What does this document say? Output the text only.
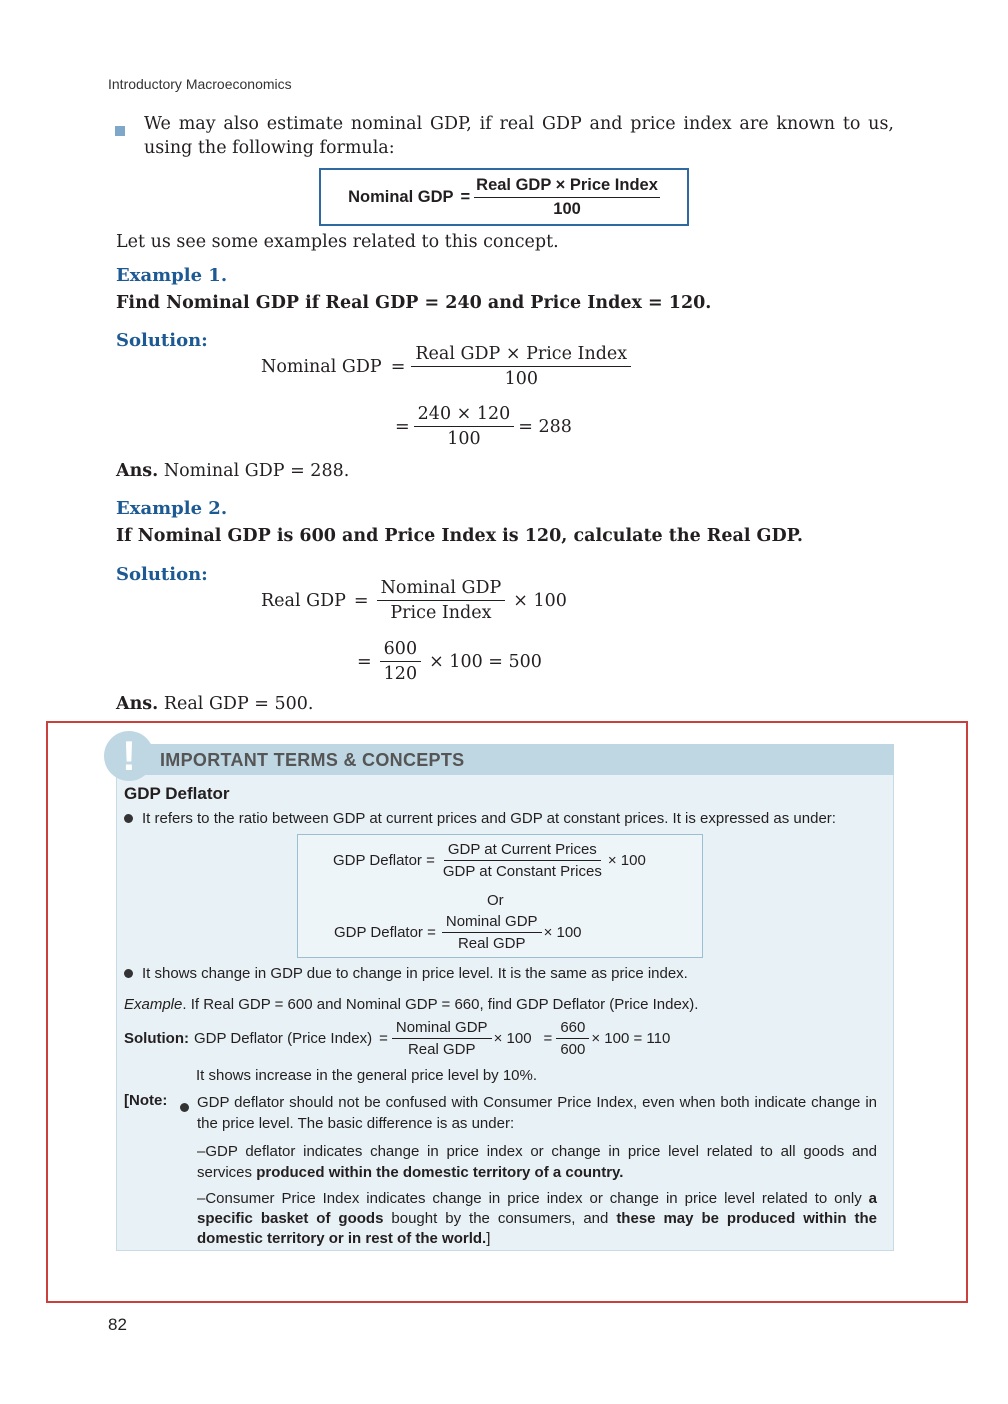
Introductory Macroeconomics
We may also estimate nominal GDP, if real GDP and price index are known to us, using the following formula:
Nominal GDP = $\frac{\text{Real GDP × Price Index}}{100}$
Let us see some examples related to this concept.
Example 1.
Find Nominal GDP if Real GDP = 240 and Price Index = 120.
Solution:
Nominal GDP = $\frac{\text{Real GDP × Price Index}}{100}$
= $\frac{240 \times 120}{100} = 288$
Ans. Nominal GDP = 288.
Example 2.
If Nominal GDP is 600 and Price Index is 120, calculate the Real GDP.
Solution:
Real GDP = $\frac{\text{Nominal GDP}}{\text{Price Index}} \times 100$
= $\frac{600}{120} \times 100 = 500$
Ans. Real GDP = 500.
!	IMPORTANT TERMS & CONCEPTS
GDP Deflator
It refers to the ratio between GDP at current prices and GDP at constant prices. It is expressed as under:
GDP Deflator = $\frac{\text{GDP at Current Prices}}{\text{GDP at Constant Prices}} \times 100$
Or
GDP Deflator = $\frac{\text{Nominal GDP}}{\text{Real GDP}} \times 100$
It shows change in GDP due to change in price level. It is the same as price index.
Example. If Real GDP = 600 and Nominal GDP = 660, find GDP Deflator (Price Index).
Solution: GDP Deflator (Price Index) = $\frac{\text{Nominal GDP}}{\text{Real GDP}} \times 100 = \frac{660}{600} \times 100 = 110$
It shows increase in the general price level by 10%.
[Note: GDP deflator should not be confused with Consumer Price Index, even when both indicate change in the price level. The basic difference is as under:
–GDP deflator indicates change in price index or change in price level related to all goods and services produced within the domestic territory of a country.
–Consumer Price Index indicates change in price index or change in price level related to only a specific basket of goods bought by the consumers, and these may be produced within the domestic territory or in rest of the world.]
82
